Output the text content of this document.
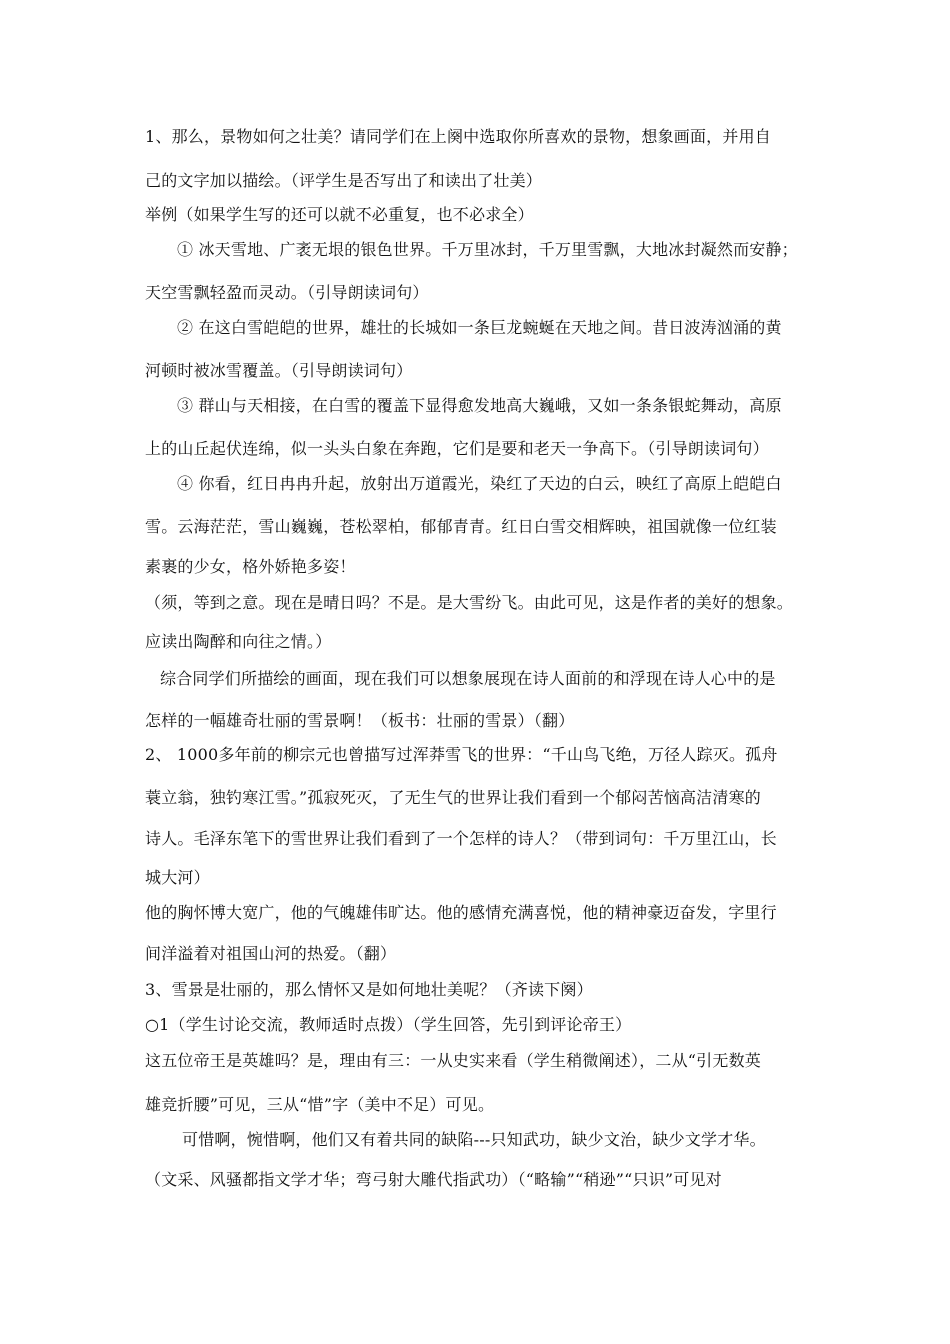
1、那么，景物如何之壮美？请同学们在上阕中选取你所喜欢的景物，想象画面，并用自
己的文字加以描绘。（评学生是否写出了和读出了壮美）
举例（如果学生写的还可以就不必重复，也不必求全）
① 冰天雪地、广袤无垠的银色世界。千万里冰封，千万里雪飘，大地冰封凝然而安静；
天空雪飘轻盈而灵动。（引导朗读词句）
② 在这白雪皑皑的世界，雄壮的长城如一条巨龙蜿蜒在天地之间。昔日波涛汹涌的黄
河顿时被冰雪覆盖。（引导朗读词句）
③ 群山与天相接，在白雪的覆盖下显得愈发地高大巍峨，又如一条条银蛇舞动，高原
上的山丘起伏连绵，似一头头白象在奔跑，它们是要和老天一争高下。（引导朗读词句）
④ 你看，红日冉冉升起，放射出万道霞光，染红了天边的白云，映红了高原上皑皑白
雪。云海茫茫，雪山巍巍，苍松翠柏，郁郁青青。红日白雪交相辉映，祖国就像一位红装
素裹的少女，格外娇艳多姿！
（须，等到之意。现在是晴日吗？不是。是大雪纷飞。由此可见，这是作者的美好的想象。
应读出陶醉和向往之情。）
综合同学们所描绘的画面，现在我们可以想象展现在诗人面前的和浮现在诗人心中的是
怎样的一幅雄奇壮丽的雪景啊！（板书：壮丽的雪景）（翻）
2、 1000多年前的柳宗元也曾描写过浑莽雪飞的世界：“千山鸟飞绝，万径人踪灭。孤舟
蓑立翁，独钓寒江雪。”孤寂死灭，了无生气的世界让我们看到一个郁闷苦恼高洁清寒的
诗人。毛泽东笔下的雪世界让我们看到了一个怎样的诗人？（带到词句：千万里江山，长
城大河）
他的胸怀博大宽广，他的气魄雄伟旷达。他的感情充满喜悦，他的精神豪迈奋发，字里行
间洋溢着对祖国山河的热爱。（翻）
3、雪景是壮丽的，那么情怀又是如何地壮美呢？（齐读下阕）
○1（学生讨论交流，教师适时点拨）（学生回答，先引到评论帝王）
这五位帝王是英雄吗？是，理由有三：一从史实来看（学生稍微阐述），二从“引无数英
雄竞折腰”可见，三从“惜”字（美中不足）可见。
可惜啊，惋惜啊，他们又有着共同的缺陷---只知武功，缺少文治，缺少文学才华。
（文采、风骚都指文学才华；弯弓射大雕代指武功）（“略输”“稍逊”“只识”可见对
